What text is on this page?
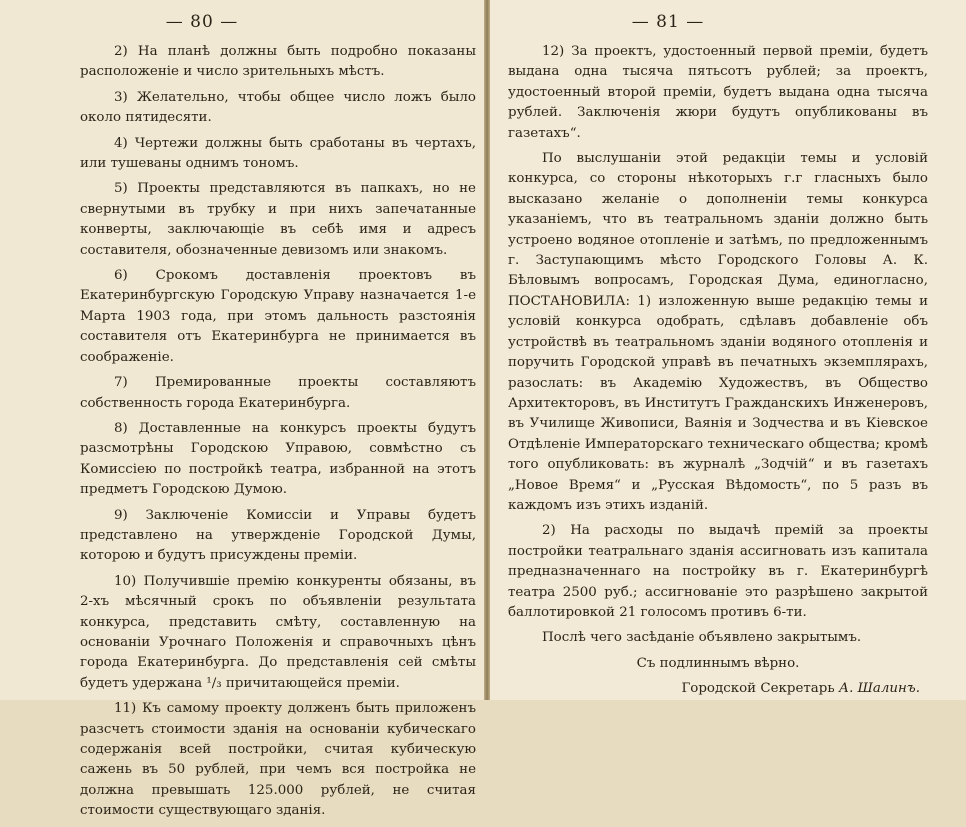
— 80 —

2) На планѣ должны быть подробно показаны расположеніе и число зрительныхъ мѣстъ.

3) Желательно, чтобы общее число ложъ было около пятидесяти.

4) Чертежи должны быть сработаны въ чертахъ, или тушеваны однимъ тономъ.

5) Проекты представляются въ папкахъ, но не свернутыми въ трубку и при нихъ запечатанные конверты, заключающіе въ себѣ имя и адресъ составителя, обозначенные девизомъ или знакомъ.

6) Срокомъ доставленія проектовъ въ Екатеринбургскую Городскую Управу назначается 1-е Марта 1903 года, при этомъ дальность разстоянія составителя отъ Екатеринбурга не принимается въ соображеніе.

7) Премированные проекты составляютъ собственность города Екатеринбурга.

8) Доставленные на конкурсъ проекты будутъ разсмотрѣны Городскою Управою, совмѣстно съ Комиссіею по постройкѣ театра, избранной на этотъ предметъ Городскою Думою.

9) Заключеніе Комиссіи и Управы будетъ представлено на утвержденіе Городской Думы, которою и будутъ присуждены преміи.

10) Получившіе премію конкуренты обязаны, въ 2-хъ мѣсячный срокъ по объявленіи результата конкурса, представить смѣту, составленную на основаніи Урочнаго Положенія и справочныхъ цѣнъ города Екатеринбурга. До представленія сей смѣты будетъ удержана ¹/₃ причитающейся преміи.

11) Къ самому проекту долженъ быть приложенъ разсчетъ стоимости зданія на основаніи кубическаго содержанія всей постройки, считая кубическую сажень въ 50 рублей, при чемъ вся постройка не должна превышать 125.000 рублей, не считая стоимости существующаго зданія.

— 81 —

12) За проектъ, удостоенный первой преміи, будетъ выдана одна тысяча пятьсотъ рублей; за проектъ, удостоенный второй преміи, будетъ выдана одна тысяча рублей. Заключенія жюри будутъ опубликованы въ газетахъ“.

По выслушаніи этой редакціи темы и условій конкурса, со стороны нѣкоторыхъ г.г гласныхъ было высказано желаніе о дополненіи темы конкурса указаніемъ, что въ театральномъ зданіи должно быть устроено водяное отопленіе и затѣмъ, по предложеннымъ г. Заступающимъ мѣсто Городского Головы А. К. Бѣловымъ вопросамъ, Городская Дума, единогласно, ПОСТАНОВИЛА: 1) изложенную выше редакцію темы и условій конкурса одобрать, сдѣлавъ добавленіе объ устройствѣ въ театральномъ зданіи водяного отопленія и поручить Городской управѣ въ печатныхъ экземплярахъ, разослать: въ Академію Художествъ, въ Общество Архитекторовъ, въ Институтъ Гражданскихъ Инженеровъ, въ Училище Живописи, Ваянія и Зодчества и въ Кіевское Отдѣленіе Императорскаго техническаго общества; кромѣ того опубликовать: въ журналѣ „Зодчій“ и въ газетахъ „Новое Время“ и „Русская Вѣдомость“, по 5 разъ въ каждомъ изъ этихъ изданій.

2) На расходы по выдачѣ премій за проекты постройки театральнаго зданія ассигновать изъ капитала предназначеннаго на постройку въ г. Екатеринбургѣ театра 2500 руб.; ассигнованіе это разрѣшено закрытой баллотировкой 21 голосомъ противъ 6-ти.

Послѣ чего засѣданіе объявлено закрытымъ.

Съ подлиннымъ вѣрно.

Городской Секретарь А. Шалинъ.
